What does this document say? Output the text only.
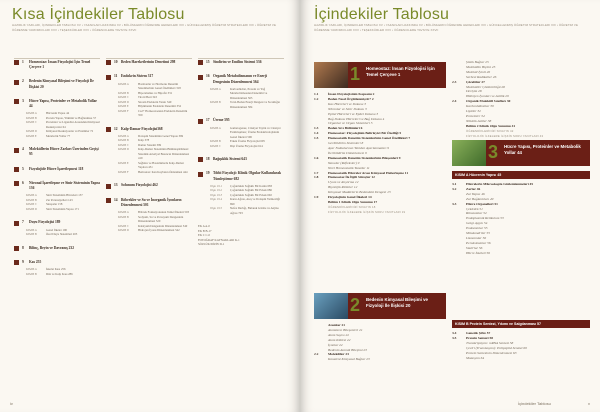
Kısa İçindekiler Tablosu
HAZIRLIK YAZILARI, İÇINDEKILER TABLOSU XV • YAZARLAR HAKKINDA XV • BÖLÜMLERIN ÖĞRENME HEDEFLERI XIX • GÜNCELLENMIŞ ÖĞRETIM STRATEJILERI XIX • ÖĞRETIM VE ÖĞRENME YARDIMCILARI XXV • TEŞEKKÜRLER XXV • ÖĞRENCILERE TAVSIYE XXVII
1	Homeostaz: İnsan Fizyolojisi İçin Temel Çerçeve 1
2	Bedenin Kimyasal Bileşimi ve Fizyoloji İle İlişkisi 20
3	Hücre Yapısı, Proteinler ve Metabolik Yollar 44
KISIM A	Hücrenin Yapısı 44
KISIM B	Protein Yapısı, Yükünü ve Bağlanması 57
KISIM C	Proteinler ve Ligandlar Arasındaki Kimyasal Reaksiyonlar 64
KISIM D	Kimyasal Reaksiyonlar ve Enzimler 72
KISIM E	Metabolik Yollar 77
4	Moleküllerin Hücre Zarları Üzerinden Geçişi 95
5	Fizyolojide Hücre İşaretleşmesi 118
6	Nöronal İşaretleşme ve Sinir Sisteminin Yapısı 136
KISIM A	Sinir Sisteminin Hücreleri 137
KISIM B	Zar Potansiyelleri 143
KISIM C	Sinapslar 158
KISIM D	Sinir Sisteminin Yapısı 171
7	Duyu Fizyolojisi 189
KISIM A	Genel İlkeler 190
KISIM B	Özel Duyu Sistemleri 203
8	Bilinç, Beyin ve Davranış 232
9	Kas 255
KISIM A	İskelet Kası 256
KISIM B	Düz ve Kalp Kası 286
10 Beden Hareketlerinin Denetimi 298
11 Endokrin Sistem 317
KISIM A	Hormonlar ve Hormonu Denetim Sistemlerinin Genel Özellikleri 318
KISIM B	Hipotalamus ve Hipofiz 331
KISIM C	Tiroid Bezi 343
KISIM D	Stresin Endokrin Yanıtı 349
KISIM E	Büyümenin Endokrin Denetimi 352
KISIM F	Ca2+ Homeostazının Endokrin Denetimi 359
12 Kalp-Damar Fizyolojisi368
KISIM A	Dolaşım Sisteminin Genel Yapısı 369
KISIM B	Kalp 378
KISIM C	Damar Sistemi 399
KISIM D	Kalp-Damar Sisteminin Bütünleştirilmesi: Sistemik Arteriyel Basıncın Düzenlenmesi 419
KISIM E	Sağlıkta ve Hastalıklarda Kalp-Damar Yapıları 431
KISIM F	Hemostaz: Kan Kaybının Önlenmesi 444
13 Solunum Fizyolojisi 462
14 Böbrekler ve Su ve İnorganik İyonların Düzenlenmesi 501
KISIM A	Böbrek Fonksiyonunun Temel İlkeleri 503
KISIM B	Sodyum, Su ve Potasyum Dengesinin Düzenlenmesi 520
KISIM C	Kalsiyum Dengesinin Düzenlenmesi 540
KISIM D	Hidrojen İyonu Düzenlenmesi 542
15 Sindirim ve Emilim Sistemi 536
16 Organik Metabolizmanın ve Enerji Dengesinin Düzenlenmesi 564
KISIM A	Karbonhidrat, Protein ve Yağ Metabolizmasının Denetimi ve Düzenlenmesi 565
KISIM B	Total-Beden Enerji Dengesi ve Sıcaklığın Düzenlenmesi 584
17 Üreme 595
KISIM A	Gametogenez, Cinsiyet Tayini ve Cinsiyet Farklılaşması; Üreme Endokrinolojisinin Genel İlkeleri 596
KISIM B	Erkek Üreme Fizyolojisi 605
KISIM C	Dişi Üreme Fizyolojisi 614
18 Bağışıklık Sistemi 643
19 Tıbbi Fizyoloji: Klinik Olgular Kullanılarak Tümleştirme 682
Olgu 19.1	Çoğunlukla Sağlıklı Bir Kadın 683
Olgu 19.2	Çoğunlukla Sağlıklı Bir Erkek 686
Olgu 19.3	Çoğunlukla Sağlıklı Bir Erkek 692
Olgu 19.4	Karın Ağrısı, Ateş ve Dolaşım Yetmezliği 699
Olgu 19.5	Nefes Darlığı, Bulanık Görme ve Anjina Ağrısı 703
EK A A-0
EK B B-17
EK C C-0
FOTOĞRAF KAYNAKLARI K-1
SÖZLÜK/DİZİN D-1
iv
İçindekiler Tablosu
HAZIRLIK YAZILARI, İÇINDEKILER TABLOSU XV • YAZARLAR HAKKINDA XV • BÖLÜMLERIN ÖĞRENME HEDEFLERI XIX • GÜNCELLENMIŞ ÖĞRETIM STRATEJILERI XIX • ÖĞRETIM VE ÖĞRENME YARDIMCILARI XXV • TEŞEKKÜRLER XXV • ÖĞRENCILERE TAVSIYE XXVII
1	Homeostaz: İnsan Fizyolojisi İçin Temel Çerçeve 1
1.1	İnsan Fizyolojisinin Kapsamı 2
1.2	Beden Nasıl Örgütlenmiştir? 2
Kas Hücreleri ve Dokusu 3
Nöronlar ve Sinir Dokusu 3
Epitel Hücreleri ve Epitel Dokusu 3
Bağ Dokusu Hücreleri ve Bağ Dokusu 4
Organlar ve Organ Sistemleri 5
1.3	Beden Sıvı Bölümleri 6
1.4	Homeostaz: Fizyolojinin Belirleyici Bir Özelliği 5
1.5	Homeostatik Denetim Sistemlerinin Genel Özellikleri 7
Geribildirim Sistemleri 8
Ayar Noktalarının Yeniden Ayarlanmaları 9
İleribildirim Düzenlemesi 9
1.6	Homeostatik Denetim Sistemlerinin Bileşenleri 9
Yansılar (Refleksler) 9
Yerel Homeostatik Yanıtlar 11
1.7	Homeostatik Hücreler Arası Kimyasal Haberleşme 11
1.8	Homeostaz İle İlgili Süreçler 12
Uyum ve Alıştırma 12
Biyolojik Ritimler 12
Kimyasal Maddelerin Bedendeki Dengesi 13
1.9	Fizyolojinin Genel İlkeleri 14
Bölüm 1 Klinik Olgu Sunumu 17
ÖĞRENDİKLERİNİZİ SINAYIN 18
FİZYOLOJİK İLKELERE İLİŞKİN SORU YANITLARI 19
2	Bedenin Kimyasal Bileşimi ve Fizyoloji İle İlişkisi 20
Atomlar 21
Atomların Bileşenleri 21
Atom Sayısı 22
Atom Kütlesi 22
İyonlar 22
Bedenin Atomik Bileşimi 23
2.2	Moleküller 23
Kovalent Kimyasal Bağlar 23
Şimik Bağlar 25
Molekülün Biçimi 25
Molekül İyinli 26
Serbest Radikaller 26
2.3	Çözeltiler 27
Moleküller Çözünürlüğü 28
Derişim 28
Hidrojen İyonları ve Asitlik 29
2.4	Organik Moleküll Sınıfları 30
Karbonhidratlar 30
Lipitler 32
Proteinler 34
Nükleik Asitler 38
Bölüm 2 Klinik Olgu Sunumu 41
ÖĞRENDİKLERİNİZİ SINAYIN 42
FİZYOLOJİK İLKELERE İLİŞKİN SORU YANITLARI 43
3	Hücre Yapısı, Proteinler ve Metabolik Yollar 44
KISIM A Hücrenin Yapısı 45
3.1	Hücrelerin Mikroskopla Gözlemlenmeleri 45
3.2	Zarlar 46
Zar Yapısı 46
Zar Bağlantıları 49
3.3	Hücre Organelleri 51
Çekirdek 51
Ribozomlar 52
Endoplazmik Retikulum 53
Golgi Aygıtı 54
Endozomlar 55
Mitokondriler 55
Lizozomlar 56
Peroksizomlar 56
Vault'lar 56
Hücre İskeleti 56
KISIM B Protein Sentezi, Yıkımı ve Salgılanması 57
3.4	Genetik Şifre 57
3.5	Protein Sentezi 58
Transkripsiyon: mRNA Sentezi 58
Çeviri (Translasyon): Polipeptid Sentezi 60
Protein Sentezinin Düzenlenmesi 63
Mutasyon 64
İçindekiler Tablosu	v
